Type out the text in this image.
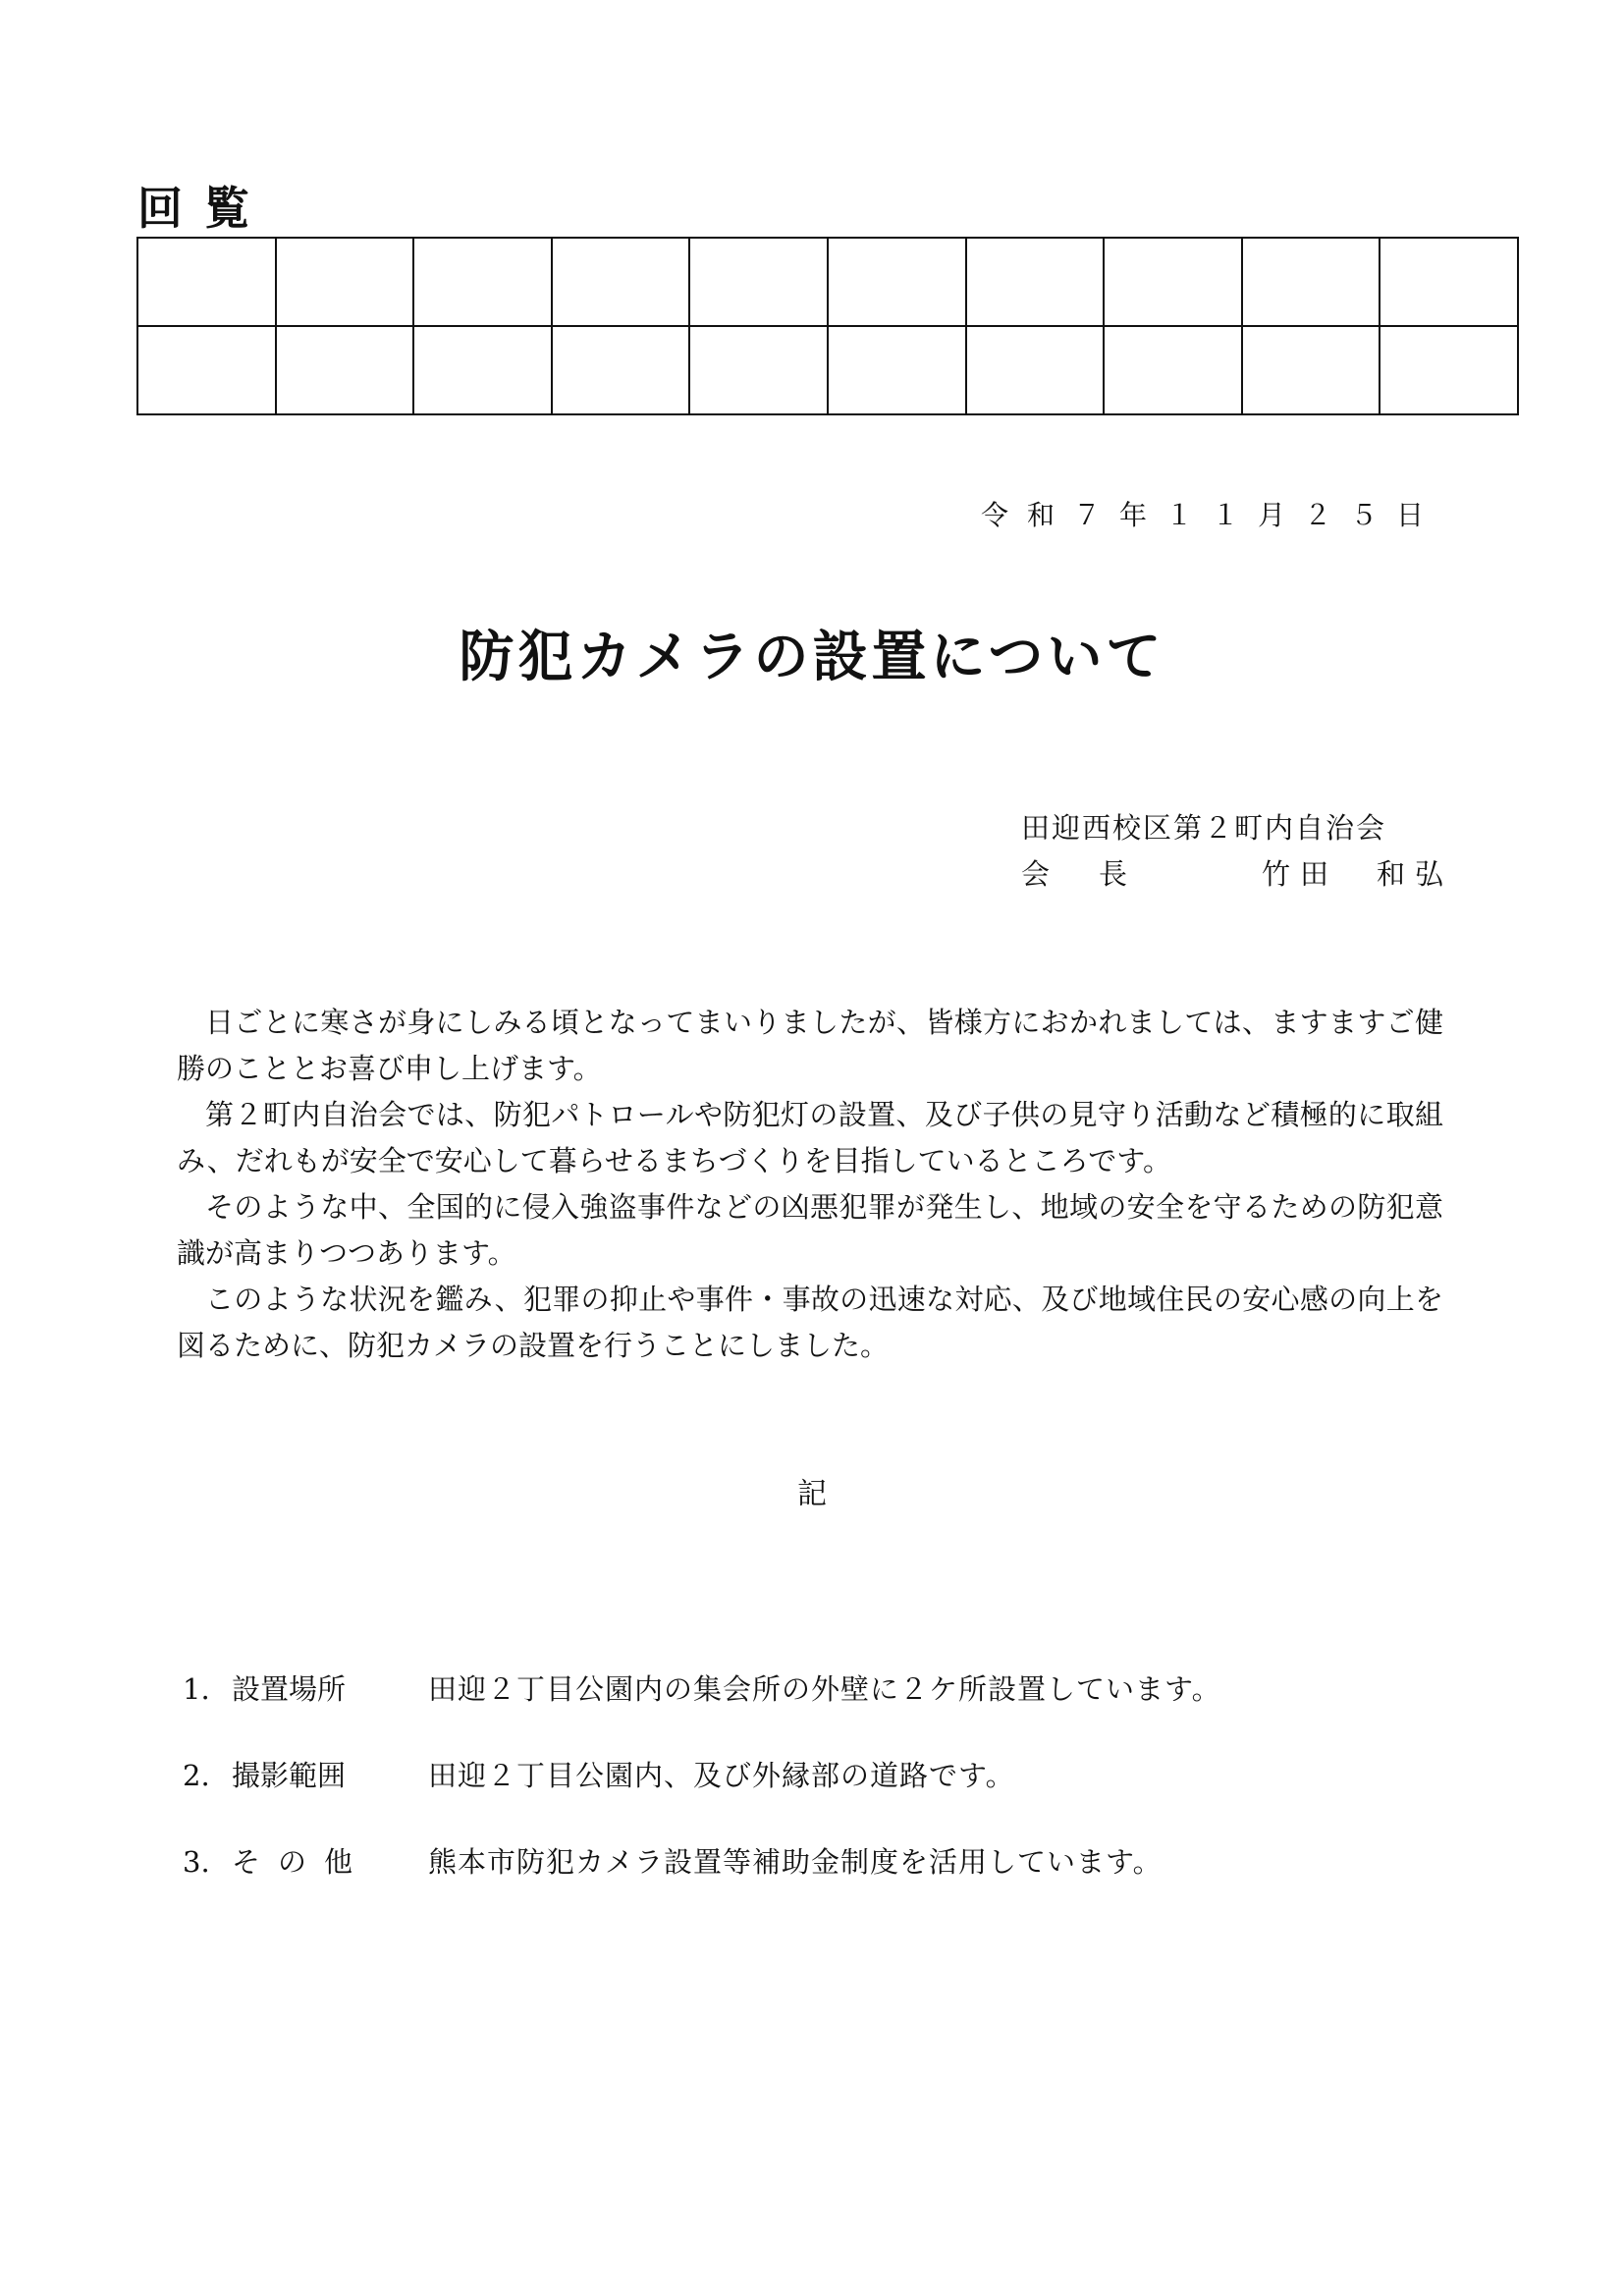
回覧

令和７年１１月２５日
防犯カメラの設置について
田迎西校区第２町内自治会
会長	竹田　和弘

日ごとに寒さが身にしみる頃となってまいりましたが、皆様方におかれましては、ますますご健勝のこととお喜び申し上げます。

第２町内自治会では、防犯パトロールや防犯灯の設置、及び子供の見守り活動など積極的に取組み、だれもが安全で安心して暮らせるまちづくりを目指しているところです。

そのような中、全国的に侵入強盗事件などの凶悪犯罪が発生し、地域の安全を守るための防犯意識が高まりつつあります。

このような状況を鑑み、犯罪の抑止や事件・事故の迅速な対応、及び地域住民の安心感の向上を図るために、防犯カメラの設置を行うことにしました。

記
1. 設置場所	田迎２丁目公園内の集会所の外壁に２ケ所設置しています。
2. 撮影範囲	田迎２丁目公園内、及び外縁部の道路です。
3. その他	熊本市防犯カメラ設置等補助金制度を活用しています。
